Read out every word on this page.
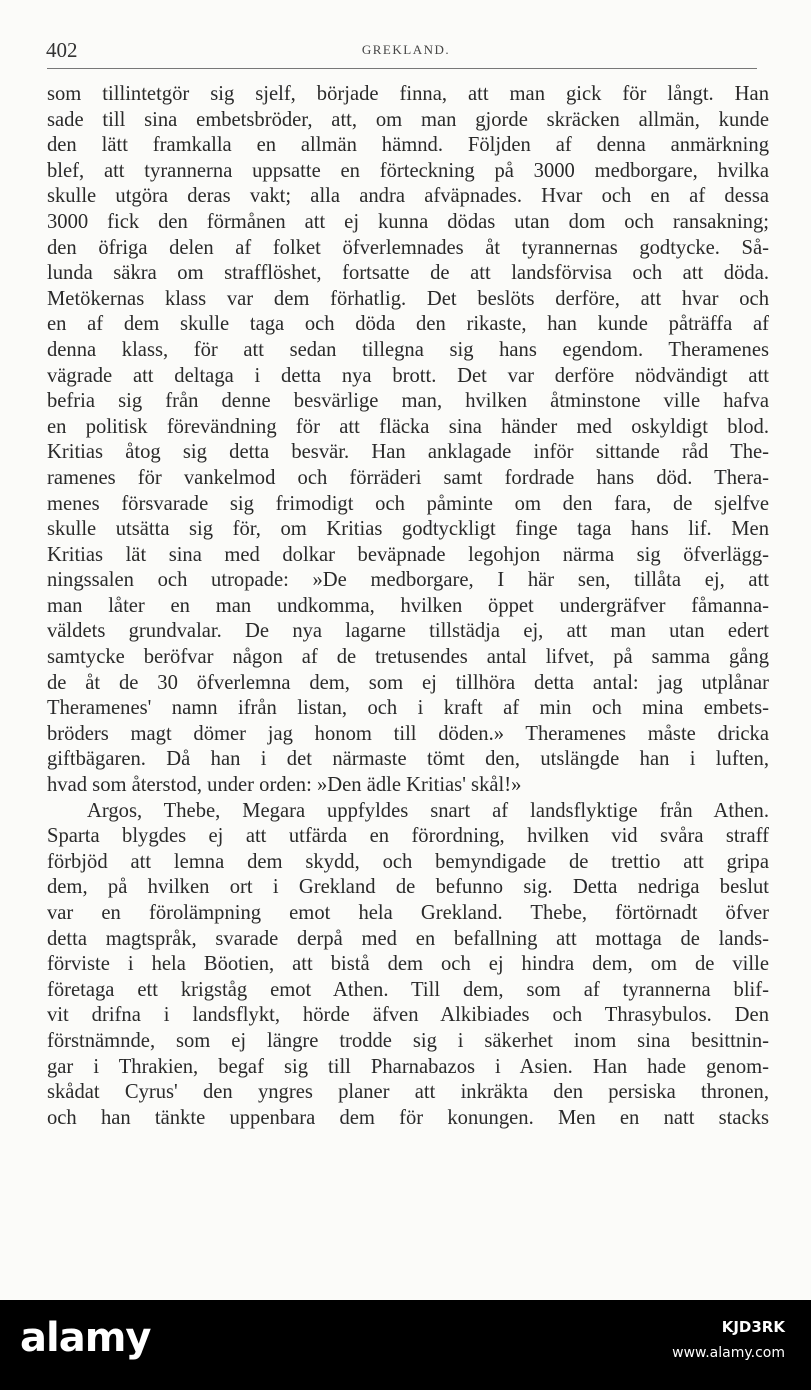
402	GREKLAND.
som tillintetgör sig sjelf, började finna, att man gick för långt. Han
sade till sina embetsbröder, att, om man gjorde skräcken allmän, kunde
den lätt framkalla en allmän hämnd. Följden af denna anmärkning
blef, att tyrannerna uppsatte en förteckning på 3000 medborgare, hvilka
skulle utgöra deras vakt; alla andra afväpnades. Hvar och en af dessa
3000 fick den förmånen att ej kunna dödas utan dom och ransakning;
den öfriga delen af folket öfverlemnades åt tyrannernas godtycke. Så-
lunda säkra om strafflöshet, fortsatte de att landsförvisa och att döda.
Metökernas klass var dem förhatlig. Det beslöts derföre, att hvar och
en af dem skulle taga och döda den rikaste, han kunde påträffa af
denna klass, för att sedan tillegna sig hans egendom. Theramenes
vägrade att deltaga i detta nya brott. Det var derföre nödvändigt att
befria sig från denne besvärlige man, hvilken åtminstone ville hafva
en politisk förevändning för att fläcka sina händer med oskyldigt blod.
Kritias åtog sig detta besvär. Han anklagade inför sittande råd The-
ramenes för vankelmod och förräderi samt fordrade hans död. Thera-
menes försvarade sig frimodigt och påminte om den fara, de sjelfve
skulle utsätta sig för, om Kritias godtyckligt finge taga hans lif. Men
Kritias lät sina med dolkar beväpnade legohjon närma sig öfverlägg-
ningssalen och utropade: »De medborgare, I här sen, tillåta ej, att
man låter en man undkomma, hvilken öppet undergräfver fåmanna-
väldets grundvalar. De nya lagarne tillstädja ej, att man utan edert
samtycke beröfvar någon af de tretusendes antal lifvet, på samma gång
de åt de 30 öfverlemna dem, som ej tillhöra detta antal: jag utplånar
Theramenes' namn ifrån listan, och i kraft af min och mina embets-
bröders magt dömer jag honom till döden.» Theramenes måste dricka
giftbägaren. Då han i det närmaste tömt den, utslängde han i luften,
hvad som återstod, under orden: »Den ädle Kritias' skål!»
Argos, Thebe, Megara uppfyldes snart af landsflyktige från Athen.
Sparta blygdes ej att utfärda en förordning, hvilken vid svåra straff
förbjöd att lemna dem skydd, och bemyndigade de trettio att gripa
dem, på hvilken ort i Grekland de befunno sig. Detta nedriga beslut
var en förolämpning emot hela Grekland. Thebe, förtörnadt öfver
detta magtspråk, svarade derpå med en befallning att mottaga de lands-
förviste i hela Böotien, att bistå dem och ej hindra dem, om de ville
företaga ett krigståg emot Athen. Till dem, som af tyrannerna blif-
vit drifna i landsflykt, hörde äfven Alkibiades och Thrasybulos. Den
förstnämnde, som ej längre trodde sig i säkerhet inom sina besittnin-
gar i Thrakien, begaf sig till Pharnabazos i Asien. Han hade genom-
skådat Cyrus' den yngres planer att inkräkta den persiska thronen,
och han tänkte uppenbara dem för konungen. Men en natt stacks
alamy	KJD3RK
www.alamy.com
